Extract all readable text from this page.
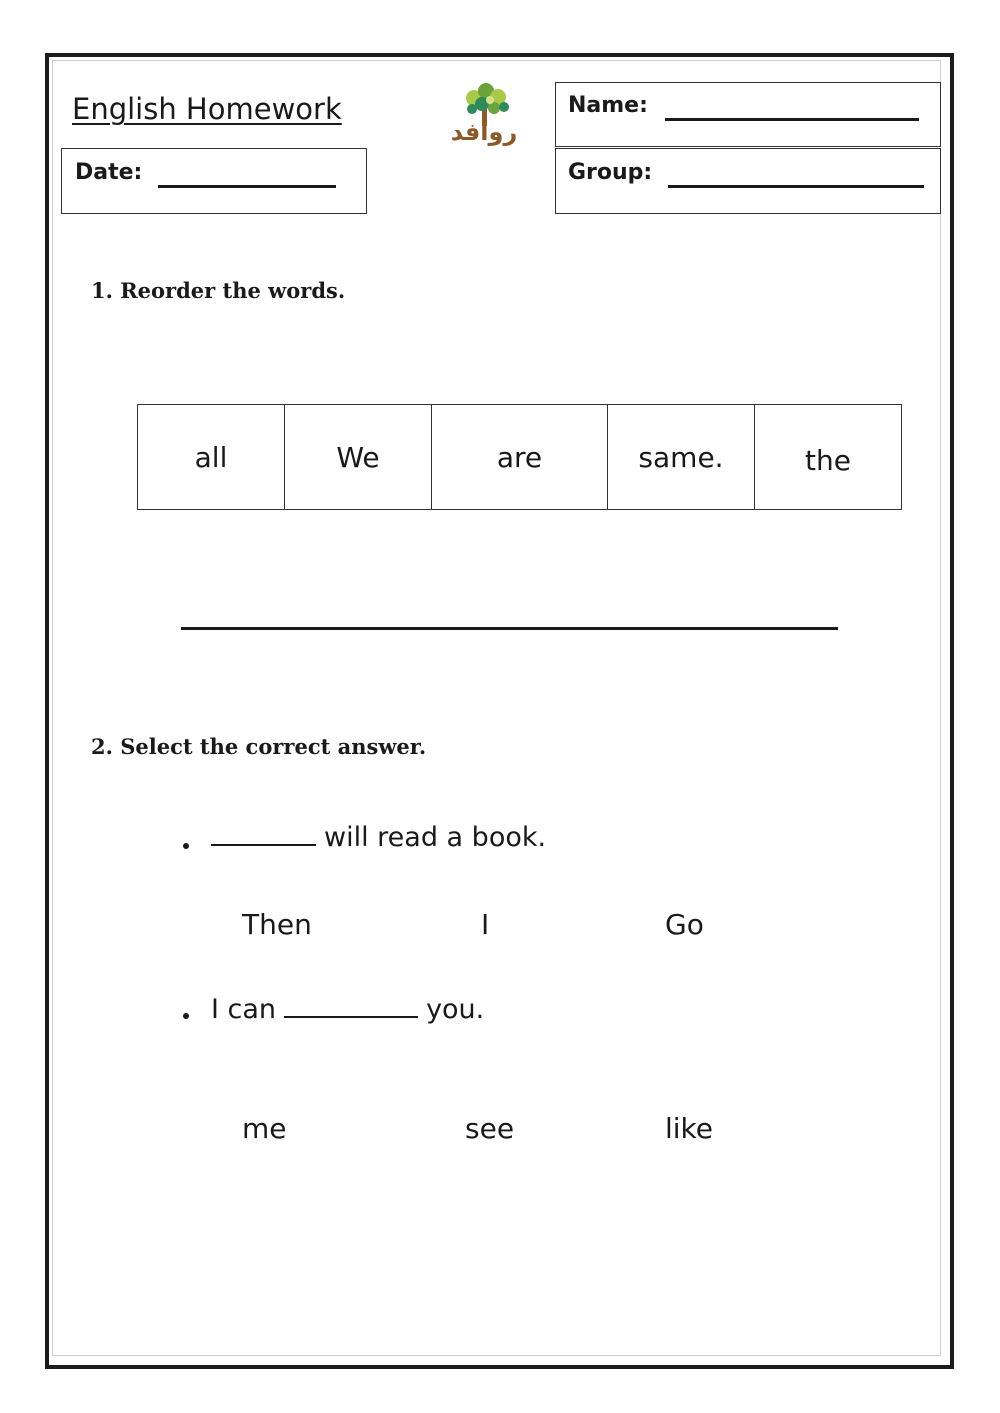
English Homework
روافد
Date:
Name:
Group:
1. Reorder the words.
all	We	are	same.	the
2. Select the correct answer.
will read a book.
Then	I	Go
I can	you.
me	see	like
